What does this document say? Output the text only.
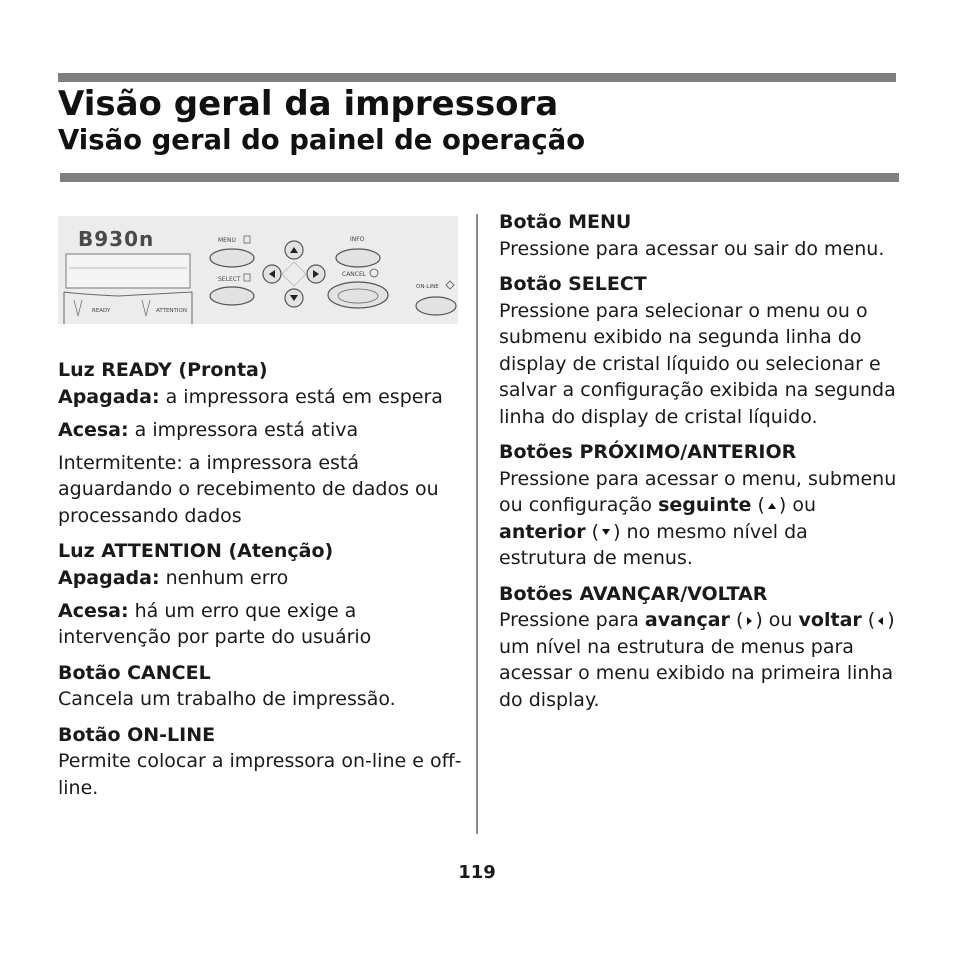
Visão geral da impressora
Visão geral do painel de operação
B930n
READY	ATTENTION
MENU
SELECT
INFO
CANCEL
ON-LINE

Luz READY (Pronta)

Apagada: a impressora está em espera

Acesa: a impressora está ativa

Intermitente: a impressora está aguardando o recebimento de dados ou processando dados

Luz ATTENTION (Atenção)

Apagada: nenhum erro

Acesa: há um erro que exige a intervenção por parte do usuário

Botão CANCEL

Cancela um trabalho de impressão.

Botão ON-LINE

Permite colocar a impressora on-line e off-line.

Botão MENU

Pressione para acessar ou sair do menu.

Botão SELECT

Pressione para selecionar o menu ou o submenu exibido na segunda linha do display de cristal líquido ou selecionar e salvar a configuração exibida na segunda linha do display de cristal líquido.

Botões PRÓXIMO/ANTERIOR

Pressione para acessar o menu, submenu ou configuração seguinte ( ) ou anterior ( ) no mesmo nível da estrutura de menus.

Botões AVANÇAR/VOLTAR

Pressione para avançar ( ) ou voltar ( ) um nível na estrutura de menus para acessar o menu exibido na primeira linha do display.

119
